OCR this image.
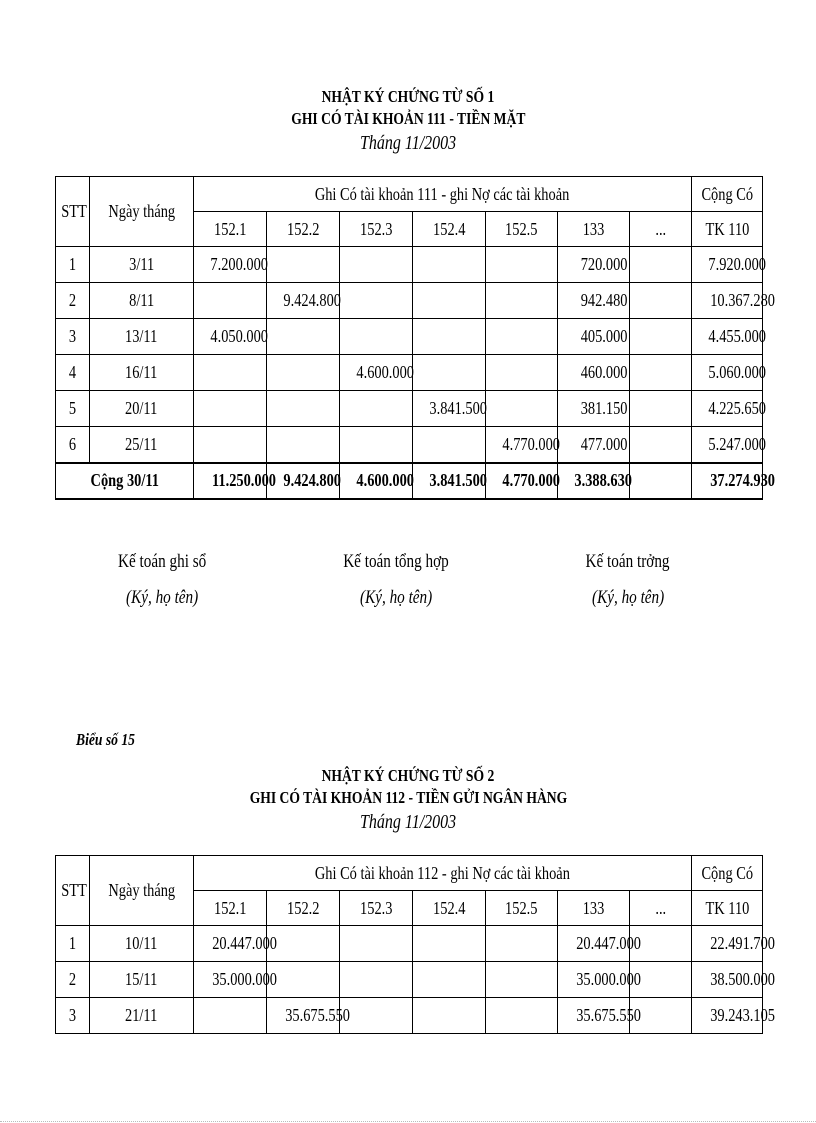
NHẬT KÝ CHỨNG TỪ SỐ 1
GHI CÓ TÀI KHOẢN 111 - TIỀN MẶT
Tháng 11/2003
STT	Ngày tháng	Ghi Có tài khoản 111 - ghi Nợ các tài khoản							Cộng Có
		152.1	152.2	152.3	152.4	152.5	133	...	TK 110
1	3/11	7.200.000					720.000		7.920.000
2	8/11		9.424.800				942.480		10.367.280
3	13/11	4.050.000					405.000		4.455.000
4	16/11			4.600.000			460.000		5.060.000
5	20/11				3.841.500		381.150		4.225.650
6	25/11					4.770.000	477.000		5.247.000
Cộng 30/11		11.250.000	9.424.800	4.600.000	3.841.500	4.770.000	3.388.630		37.274.930
Kế toán ghi sổ
(Ký, họ tên)
Kế toán tổng hợp
(Ký, họ tên)
Kế toán trởng
(Ký, họ tên)
Biểu số 15
NHẬT KÝ CHỨNG TỪ SỐ 2
GHI CÓ TÀI KHOẢN 112 - TIỀN GỬI NGÂN HÀNG
Tháng 11/2003
STT	Ngày tháng	Ghi Có tài khoản 112 - ghi Nợ các tài khoản							Cộng Có
		152.1	152.2	152.3	152.4	152.5	133	...	TK 110
1	10/11	20.447.000					20.447.000		22.491.700
2	15/11	35.000.000					35.000.000		38.500.000
3	21/11		35.675.550				35.675.550		39.243.105
